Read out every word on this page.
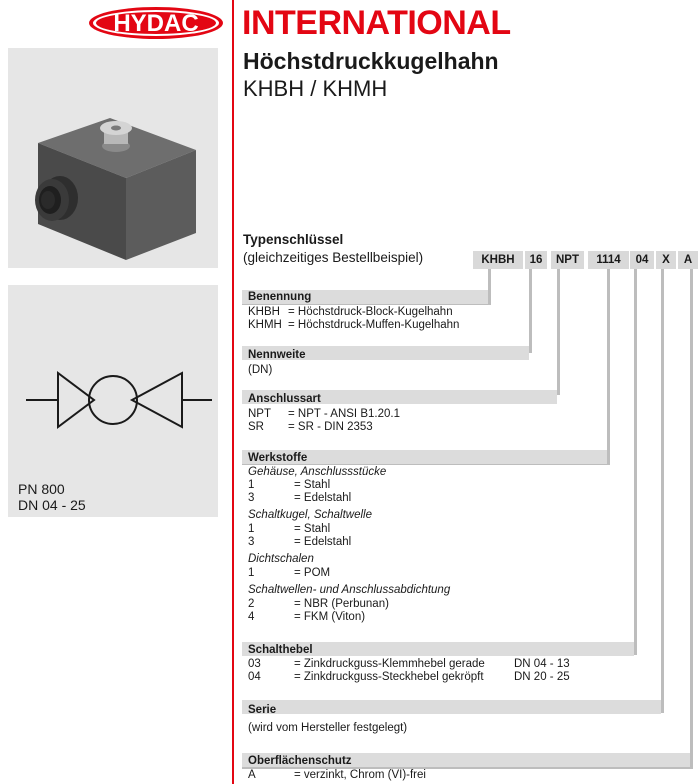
HYDAC INTERNATIONAL
Höchstdruckkugelhahn
KHBH / KHMH
PN 800
DN 04 - 25
Typenschlüssel
(gleichzeitiges Bestellbeispiel)	KHBH	16	NPT	1114	04	X	A
Benennung
KHBH = Höchstdruck-Block-Kugelhahn
KHMH = Höchstdruck-Muffen-Kugelhahn
Nennweite
(DN)
Anschlussart
NPT = NPT - ANSI B1.20.1
SR = SR - DIN 2353
Werkstoffe
Gehäuse, Anschlussstücke
1	= Stahl
3	= Edelstahl
Schaltkugel, Schaltwelle
1	= Stahl
3	= Edelstahl
Dichtschalen
1	= POM
Schaltwellen- und Anschlussabdichtung
2	= NBR (Perbunan)
4	= FKM (Viton)
Schalthebel
03	= Zinkdruckguss-Klemmhebel gerade	DN 04 - 13
04	= Zinkdruckguss-Steckhebel gekröpft	DN 20 - 25
Serie
(wird vom Hersteller festgelegt)
Oberflächenschutz
A	= verzinkt, Chrom (VI)-frei
